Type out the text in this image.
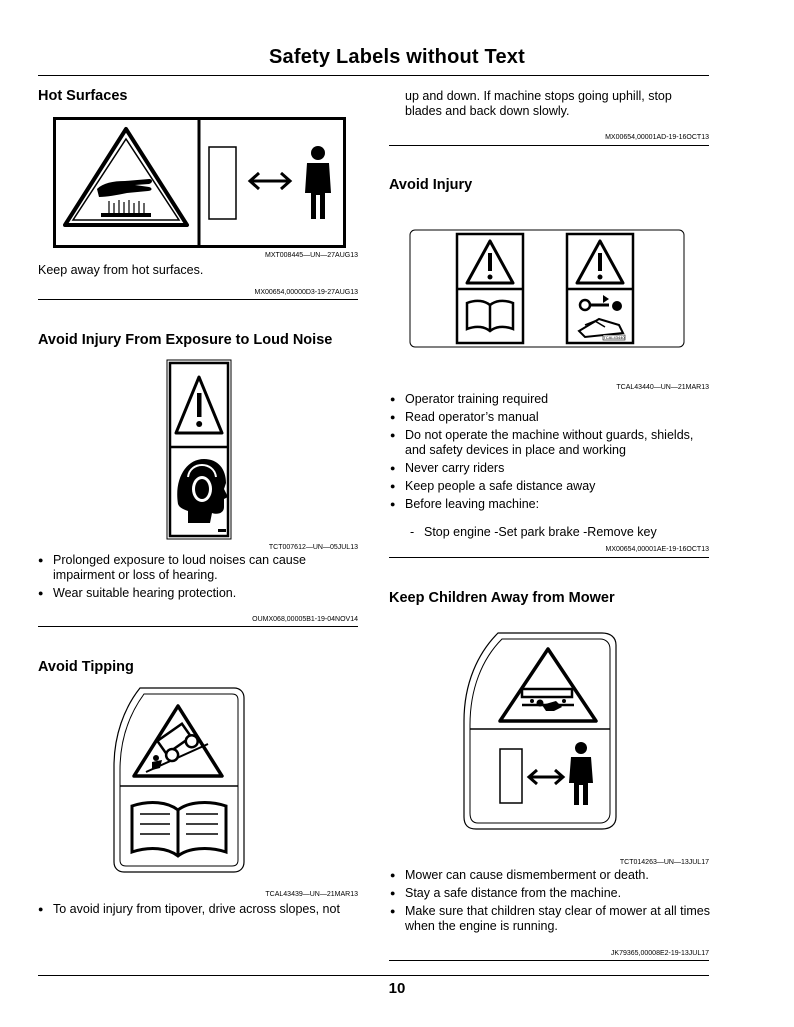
Safety Labels without Text
Hot Surfaces
MXT008445—UN—27AUG13
Keep away from hot surfaces.
MX00654,00000D3-19-27AUG13
Avoid Injury From Exposure to Loud Noise
TCT007612—UN—05JUL13
● Prolonged exposure to loud noises can cause impairment or loss of hearing.
● Wear suitable hearing protection.
OUMX068,00005B1-19-04NOV14
Avoid Tipping
TCAL43439—UN—21MAR13
● To avoid injury from tipover, drive across slopes, not
up and down. If machine stops going uphill, stop blades and back down slowly.
MX00654,00001AD-19-16OCT13
Avoid Injury
TCAL43440
TCAL43440—UN—21MAR13
● Operator training required
● Read operator’s manual
● Do not operate the machine without guards, shields, and safety devices in place and working
● Never carry riders
● Keep people a safe distance away
● Before leaving machine:
- Stop engine -Set park brake -Remove key
MX00654,00001AE-19-16OCT13
Keep Children Away from Mower
TCT014263—UN—13JUL17
● Mower can cause dismemberment or death.
● Stay a safe distance from the machine.
● Make sure that children stay clear of mower at all times when the engine is running.
JK79365,00008E2-19-13JUL17
10
